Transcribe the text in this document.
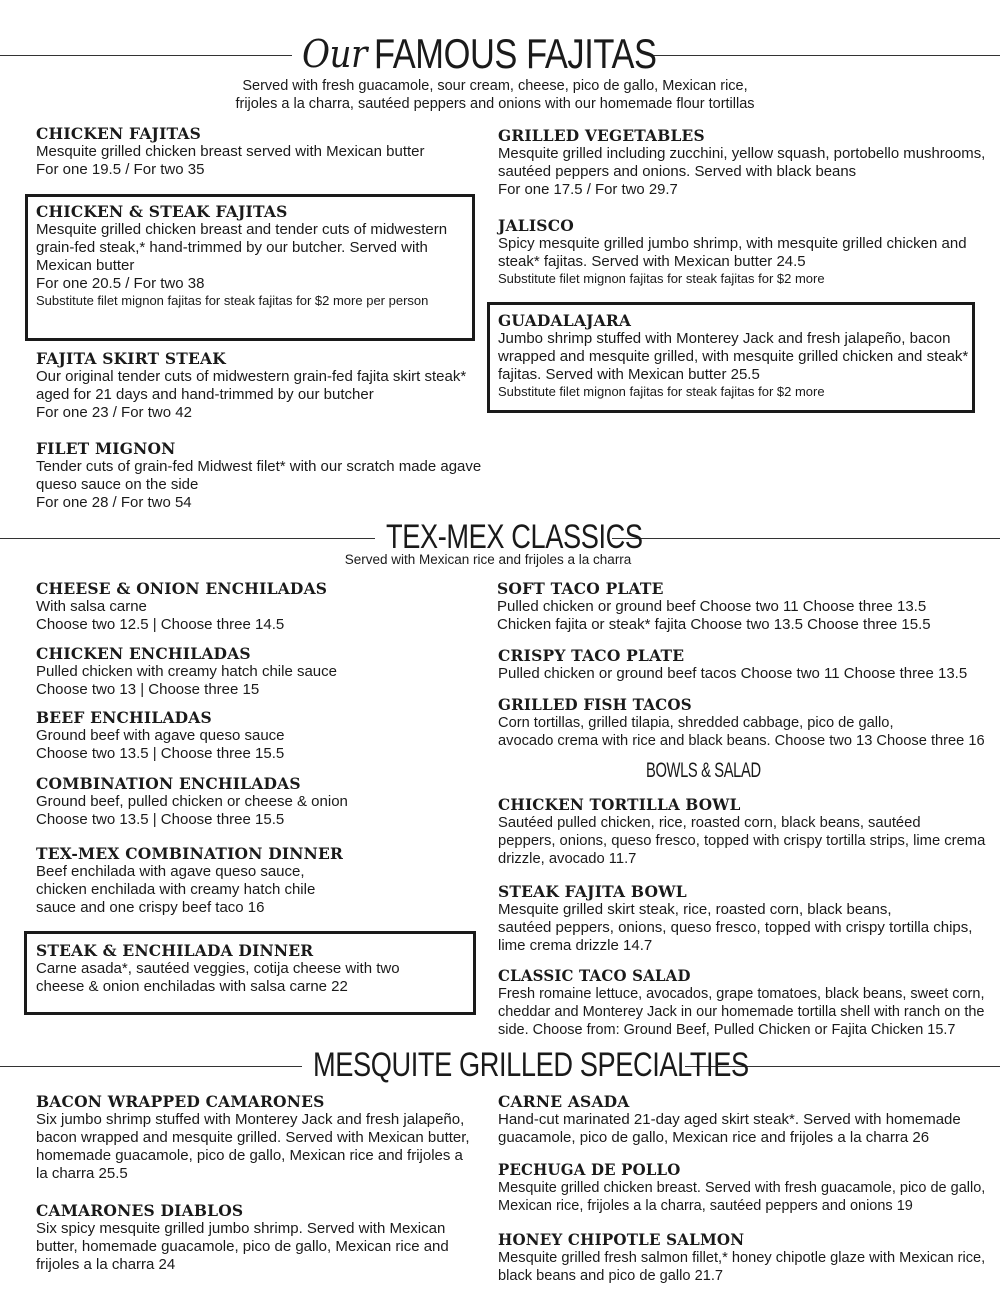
Our FAMOUS FAJITAS
Served with fresh guacamole, sour cream, cheese, pico de gallo, Mexican rice,
frijoles a la charra, sautéed peppers and onions with our homemade flour tortillas
CHICKEN FAJITAS
Mesquite grilled chicken breast served with Mexican butter
For one 19.5 / For two 35
CHICKEN & STEAK FAJITAS
Mesquite grilled chicken breast and tender cuts of midwestern
grain-fed steak,* hand-trimmed by our butcher. Served with
Mexican butter
For one 20.5 / For two 38
Substitute filet mignon fajitas for steak fajitas for $2 more per person
FAJITA SKIRT STEAK
Our original tender cuts of midwestern grain-fed fajita skirt steak*
aged for 21 days and hand-trimmed by our butcher
For one 23 / For two 42
FILET MIGNON
Tender cuts of grain-fed Midwest filet* with our scratch made agave
queso sauce on the side
For one 28 / For two 54
GRILLED VEGETABLES
Mesquite grilled including zucchini, yellow squash, portobello mushrooms,
sautéed peppers and onions. Served with black beans
For one 17.5 / For two 29.7
JALISCO
Spicy mesquite grilled jumbo shrimp, with mesquite grilled chicken and
steak* fajitas. Served with Mexican butter 24.5
Substitute filet mignon fajitas for steak fajitas for $2 more
GUADALAJARA
Jumbo shrimp stuffed with Monterey Jack and fresh jalapeño, bacon
wrapped and mesquite grilled, with mesquite grilled chicken and steak*
fajitas. Served with Mexican butter 25.5
Substitute filet mignon fajitas for steak fajitas for $2 more
TEX-MEX CLASSICS
Served with Mexican rice and frijoles a la charra
CHEESE & ONION ENCHILADAS
With salsa carne
Choose two 12.5 | Choose three 14.5
CHICKEN ENCHILADAS
Pulled chicken with creamy hatch chile sauce
Choose two 13 | Choose three 15
BEEF ENCHILADAS
Ground beef with agave queso sauce
Choose two 13.5 | Choose three 15.5
COMBINATION ENCHILADAS
Ground beef, pulled chicken or cheese & onion
Choose two 13.5 | Choose three 15.5
TEX-MEX COMBINATION DINNER
Beef enchilada with agave queso sauce,
chicken enchilada with creamy hatch chile
sauce and one crispy beef taco 16
STEAK & ENCHILADA DINNER
Carne asada*, sautéed veggies, cotija cheese with two
cheese & onion enchiladas with salsa carne 22
SOFT TACO PLATE
Pulled chicken or ground beef Choose two 11 Choose three 13.5
Chicken fajita or steak* fajita Choose two 13.5 Choose three 15.5
CRISPY TACO PLATE
Pulled chicken or ground beef tacos Choose two 11 Choose three 13.5
GRILLED FISH TACOS
Corn tortillas, grilled tilapia, shredded cabbage, pico de gallo,
avocado crema with rice and black beans. Choose two 13 Choose three 16
BOWLS & SALAD
CHICKEN TORTILLA BOWL
Sautéed pulled chicken, rice, roasted corn, black beans, sautéed
peppers, onions, queso fresco, topped with crispy tortilla strips, lime crema
drizzle, avocado 11.7
STEAK FAJITA BOWL
Mesquite grilled skirt steak, rice, roasted corn, black beans,
sautéed peppers, onions, queso fresco, topped with crispy tortilla chips,
lime crema drizzle 14.7
CLASSIC TACO SALAD
Fresh romaine lettuce, avocados, grape tomatoes, black beans, sweet corn,
cheddar and Monterey Jack in our homemade tortilla shell with ranch on the
side. Choose from: Ground Beef, Pulled Chicken or Fajita Chicken 15.7
MESQUITE GRILLED SPECIALTIES
BACON WRAPPED CAMARONES
Six jumbo shrimp stuffed with Monterey Jack and fresh jalapeño,
bacon wrapped and mesquite grilled. Served with Mexican butter,
homemade guacamole, pico de gallo, Mexican rice and frijoles a
la charra 25.5
CAMARONES DIABLOS
Six spicy mesquite grilled jumbo shrimp. Served with Mexican
butter, homemade guacamole, pico de gallo, Mexican rice and
frijoles a la charra 24
CARNE ASADA
Hand-cut marinated 21-day aged skirt steak*. Served with homemade
guacamole, pico de gallo, Mexican rice and frijoles a la charra 26
PECHUGA DE POLLO
Mesquite grilled chicken breast. Served with fresh guacamole, pico de gallo,
Mexican rice, frijoles a la charra, sautéed peppers and onions 19
HONEY CHIPOTLE SALMON
Mesquite grilled fresh salmon fillet,* honey chipotle glaze with Mexican rice,
black beans and pico de gallo 21.7
